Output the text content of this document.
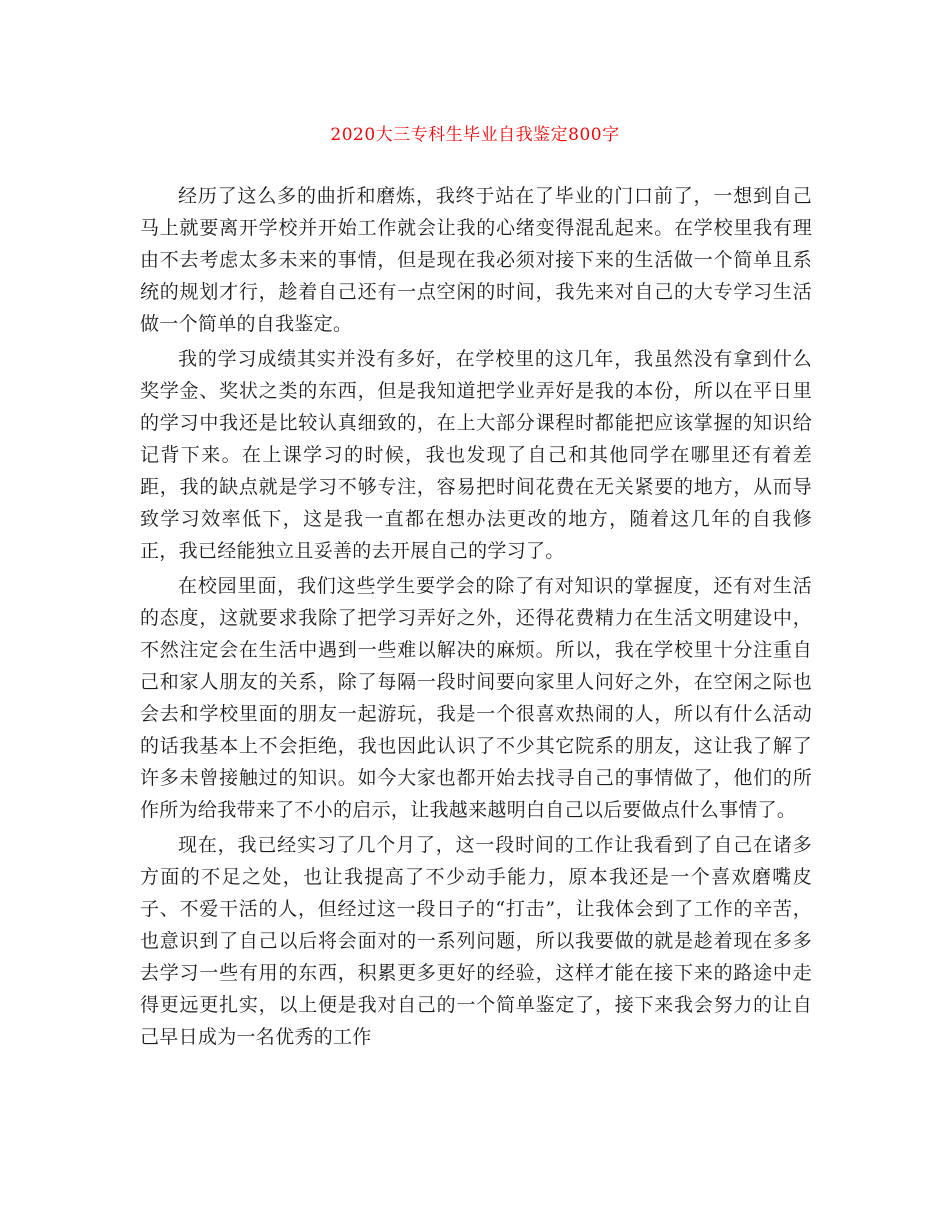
2020大三专科生毕业自我鉴定800字

经历了这么多的曲折和磨炼，我终于站在了毕业的门口前了，一想到自己马上就要离开学校并开始工作就会让我的心绪变得混乱起来。在学校里我有理由不去考虑太多未来的事情，但是现在我必须对接下来的生活做一个简单且系统的规划才行，趁着自己还有一点空闲的时间，我先来对自己的大专学习生活做一个简单的自我鉴定。

我的学习成绩其实并没有多好，在学校里的这几年，我虽然没有拿到什么奖学金、奖状之类的东西，但是我知道把学业弄好是我的本份，所以在平日里的学习中我还是比较认真细致的，在上大部分课程时都能把应该掌握的知识给记背下来。在上课学习的时候，我也发现了自己和其他同学在哪里还有着差距，我的缺点就是学习不够专注，容易把时间花费在无关紧要的地方，从而导致学习效率低下，这是我一直都在想办法更改的地方，随着这几年的自我修正，我已经能独立且妥善的去开展自己的学习了。

在校园里面，我们这些学生要学会的除了有对知识的掌握度，还有对生活的态度，这就要求我除了把学习弄好之外，还得花费精力在生活文明建设中，不然注定会在生活中遇到一些难以解决的麻烦。所以，我在学校里十分注重自己和家人朋友的关系，除了每隔一段时间要向家里人问好之外，在空闲之际也会去和学校里面的朋友一起游玩，我是一个很喜欢热闹的人，所以有什么活动的话我基本上不会拒绝，我也因此认识了不少其它院系的朋友，这让我了解了许多未曾接触过的知识。如今大家也都开始去找寻自己的事情做了，他们的所作所为给我带来了不小的启示，让我越来越明白自己以后要做点什么事情了。

现在，我已经实习了几个月了，这一段时间的工作让我看到了自己在诸多方面的不足之处，也让我提高了不少动手能力，原本我还是一个喜欢磨嘴皮子、不爱干活的人，但经过这一段日子的“打击”，让我体会到了工作的辛苦，也意识到了自己以后将会面对的一系列问题，所以我要做的就是趁着现在多多去学习一些有用的东西，积累更多更好的经验，这样才能在接下来的路途中走得更远更扎实，以上便是我对自己的一个简单鉴定了，接下来我会努力的让自己早日成为一名优秀的工作
